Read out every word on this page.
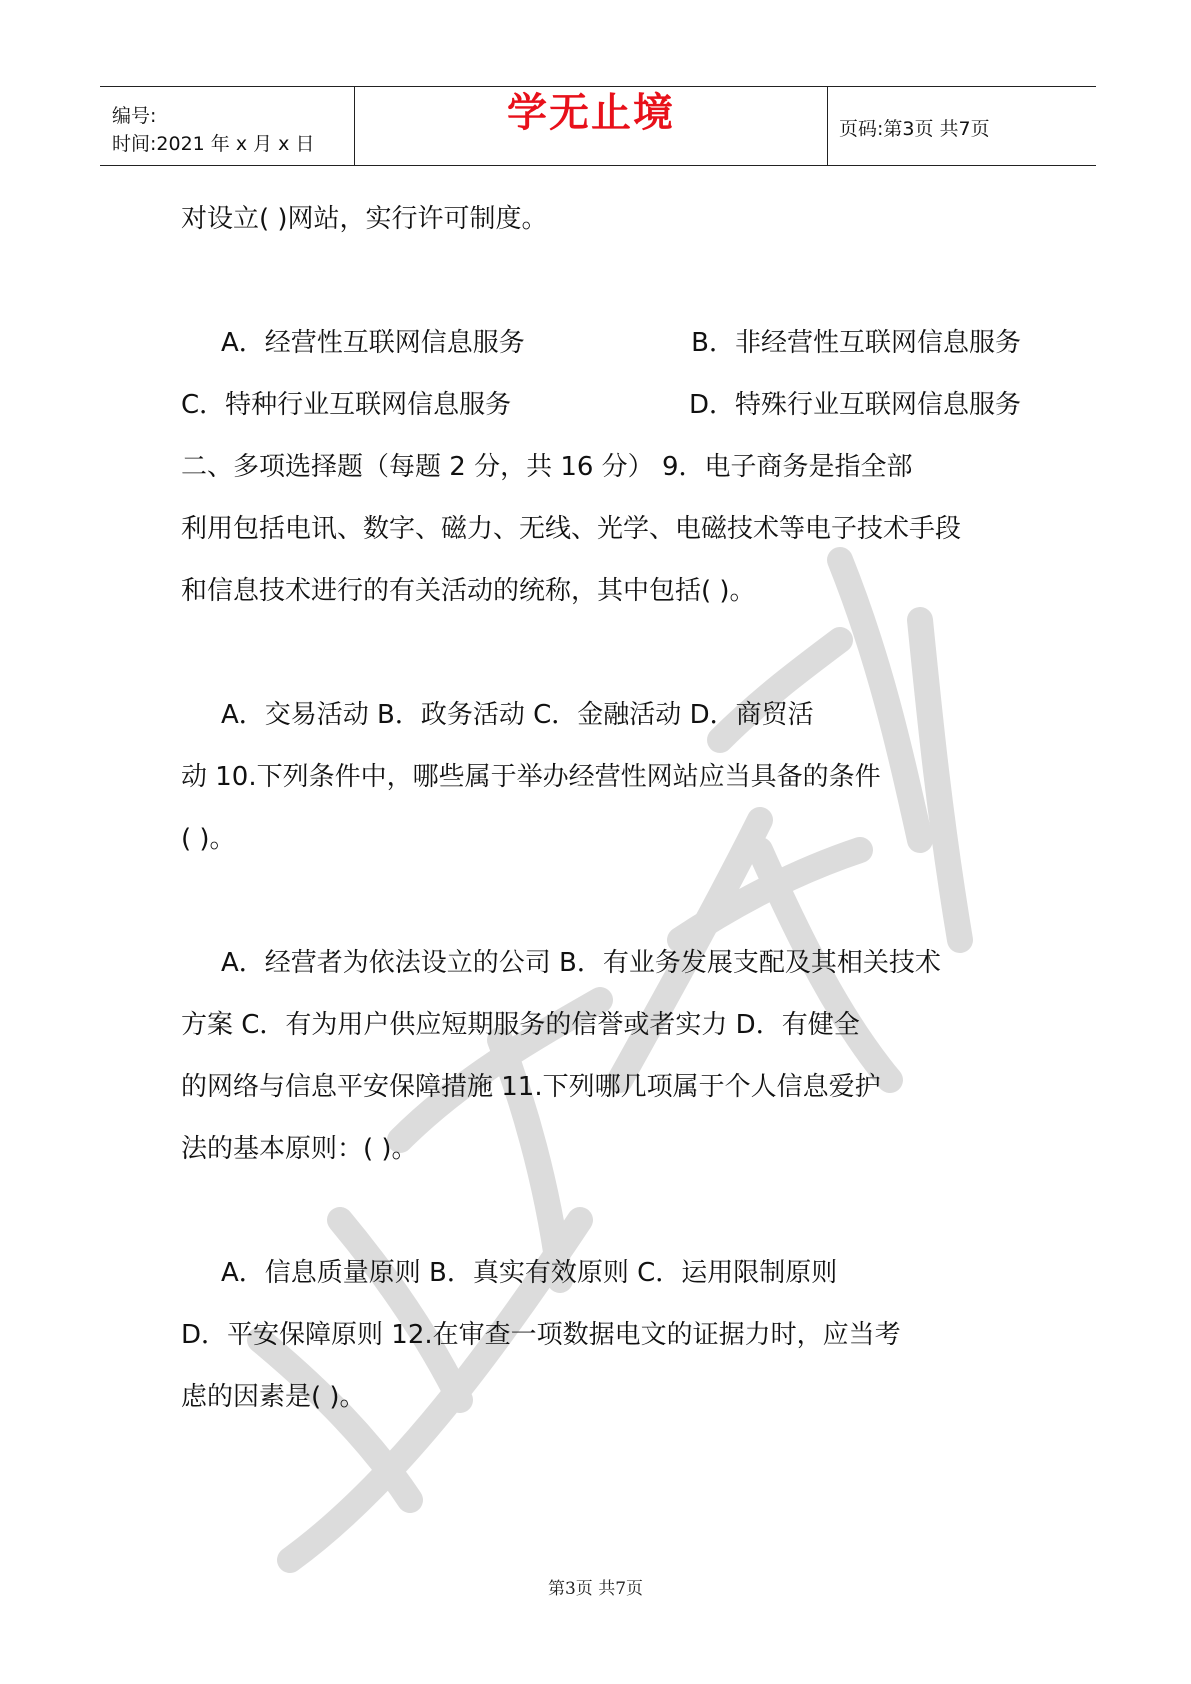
编号:
时间:2021 年 x 月 x 日
学无止境	页码:第3页 共7页

对设立( )网站，实行许可制度。

A．经营性互联网信息服务	B．非经营性互联网信息服务
C．特种行业互联网信息服务	D．特殊行业互联网信息服务

二、多项选择题（每题 2 分，共 16 分） 9．电子商务是指全部

利用包括电讯、数字、磁力、无线、光学、电磁技术等电子技术手段

和信息技术进行的有关活动的统称，其中包括( )。

A．交易活动 B．政务活动 C．金融活动 D．商贸活

动 10.下列条件中，哪些属于举办经营性网站应当具备的条件

( )。

A．经营者为依法设立的公司 B．有业务发展支配及其相关技术

方案 C．有为用户供应短期服务的信誉或者实力 D．有健全

的网络与信息平安保障措施 11.下列哪几项属于个人信息爱护

法的基本原则：( )。

A．信息质量原则 B．真实有效原则 C．运用限制原则

D．平安保障原则 12.在审查一项数据电文的证据力时，应当考

虑的因素是( )。

第3页 共7页
